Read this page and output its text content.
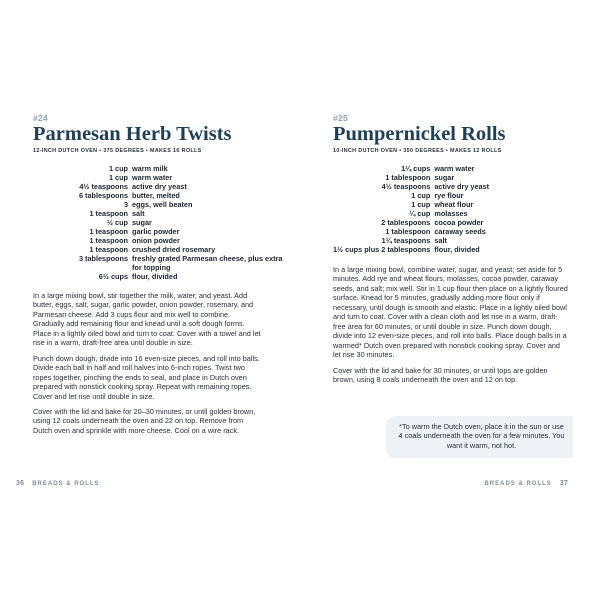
#24
Parmesan Herb Twists
12-INCH DUTCH OVEN • 375 DEGREES • MAKES 16 ROLLS
1 cup	warm milk
1 cup	warm water
4½ teaspoons	active dry yeast
6 tablespoons	butter, melted
3	eggs, well beaten
1 teaspoon	salt
½ cup	sugar
1 teaspoon	garlic powder
1 teaspoon	onion powder
1 teaspoon	crushed dried rosemary
3 tablespoons	freshly grated Parmesan cheese, plus extra for topping
6½ cups	flour, divided

In a large mixing bowl, stir together the milk, water, and yeast. Add butter, eggs, salt, sugar, garlic powder, onion powder, rosemary, and Parmesan cheese. Add 3 cups flour and mix well to combine. Gradually add remaining flour and knead until a soft dough forms. Place in a lightly oiled bowl and turn to coat. Cover with a towel and let rise in a warm, draft-free area until double in size.

Punch down dough, divide into 16 even-size pieces, and roll into balls. Divide each ball in half and roll halves into 6-inch ropes. Twist two ropes together, pinching the ends to seal, and place in Dutch oven prepared with nonstick cooking spray. Repeat with remaining ropes. Cover and let rise until double in size.

Cover with the lid and bake for 20–30 minutes, or until golden brown, using 12 coals underneath the oven and 22 on top. Remove from Dutch oven and sprinkle with more cheese. Cool on a wire rack.

#25
Pumpernickel Rolls
10-INCH DUTCH OVEN • 350 DEGREES • MAKES 12 ROLLS
1¼ cups	warm water
1 tablespoon	sugar
4½ teaspoons	active dry yeast
1 cup	rye flour
1 cup	wheat flour
¼ cup	molasses
2 tablespoons	cocoa powder
1 tablespoon	caraway seeds
1¼ teaspoons	salt
1½ cups plus 2 tablespoons	flour, divided

In a large mixing bowl, combine water, sugar, and yeast; set aside for 5 minutes. Add rye and wheat flours, molasses, cocoa powder, caraway seeds, and salt; mix well. Stir in 1 cup flour then place on a lightly floured surface. Knead for 5 minutes, gradually adding more flour only if necessary, until dough is smooth and elastic. Place in a lightly oiled bowl and turn to coat. Cover with a clean cloth and let rise in a warm, draft-free area for 60 minutes, or until double in size. Punch down dough, divide into 12 even-size pieces, and roll into balls. Place dough balls in a warmed* Dutch oven prepared with nonstick cooking spray. Cover and let rise 30 minutes.

Cover with the lid and bake for 30 minutes, or until tops are golden brown, using 8 coals underneath the oven and 12 on top.

*To warm the Dutch oven, place it in the sun or use 4 coals underneath the oven for a few minutes. You want it warm, not hot.
36 BREADS & ROLLS	BREADS & ROLLS 37
